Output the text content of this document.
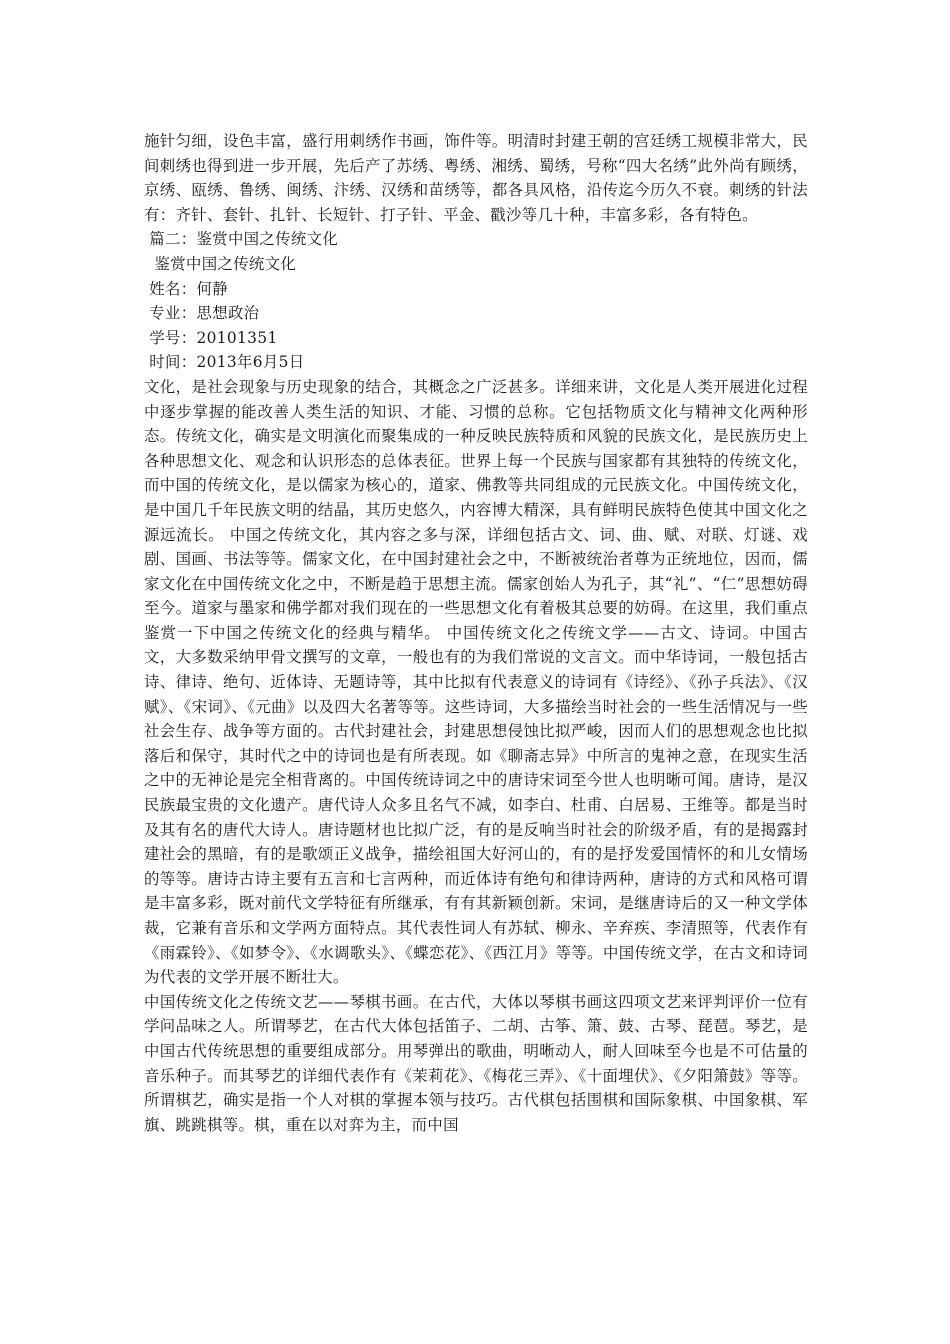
施针匀细，设色丰富，盛行用刺绣作书画，饰件等。明清时封建王朝的宫廷绣工规模非常大，民间刺绣也得到进一步开展，先后产了苏绣、粤绣、湘绣、蜀绣，号称“四大名绣”此外尚有顾绣，京绣、瓯绣、鲁绣、闽绣、汴绣、汉绣和苗绣等，都各具风格，沿传迄今历久不衰。刺绣的针法有：齐针、套针、扎针、长短针、打子针、平金、戳沙等几十种，丰富多彩，各有特色。

篇二：鉴赏中国之传统文化

鉴赏中国之传统文化

姓名：何静

专业：思想政治

学号：20101351

时间：2013年6月5日

文化，是社会现象与历史现象的结合，其概念之广泛甚多。详细来讲，文化是人类开展进化过程中逐步掌握的能改善人类生活的知识、才能、习惯的总称。它包括物质文化与精神文化两种形态。传统文化，确实是文明演化而聚集成的一种反映民族特质和风貌的民族文化，是民族历史上各种思想文化、观念和认识形态的总体表征。世界上每一个民族与国家都有其独特的传统文化，而中国的传统文化，是以儒家为核心的，道家、佛教等共同组成的元民族文化。中国传统文化，是中国几千年民族文明的结晶，其历史悠久，内容博大精深，具有鲜明民族特色使其中国文化之源远流长。 中国之传统文化，其内容之多与深，详细包括古文、词、曲、赋、对联、灯谜、戏剧、国画、书法等等。儒家文化，在中国封建社会之中，不断被统治者尊为正统地位，因而，儒家文化在中国传统文化之中，不断是趋于思想主流。儒家创始人为孔子，其“礼”、“仁”思想妨碍至今。道家与墨家和佛学都对我们现在的一些思想文化有着极其总要的妨碍。在这里，我们重点鉴赏一下中国之传统文化的经典与精华。 中国传统文化之传统文学——古文、诗词。中国古文，大多数采纳甲骨文撰写的文章，一般也有的为我们常说的文言文。而中华诗词，一般包括古诗、律诗、绝句、近体诗、无题诗等，其中比拟有代表意义的诗词有《诗经》、《孙子兵法》、《汉赋》、《宋词》、《元曲》以及四大名著等等。这些诗词，大多描绘当时社会的一些生活情况与一些社会生存、战争等方面的。古代封建社会，封建思想侵蚀比拟严峻，因而人们的思想观念也比拟落后和保守，其时代之中的诗词也是有所表现。如《聊斋志异》中所言的鬼神之意，在现实生活之中的无神论是完全相背离的。中国传统诗词之中的唐诗宋词至今世人也明晰可闻。唐诗，是汉民族最宝贵的文化遗产。唐代诗人众多且名气不减，如李白、杜甫、白居易、王维等。都是当时及其有名的唐代大诗人。唐诗题材也比拟广泛，有的是反响当时社会的阶级矛盾，有的是揭露封建社会的黑暗，有的是歌颂正义战争，描绘祖国大好河山的，有的是抒发爱国情怀的和儿女情场的等等。唐诗古诗主要有五言和七言两种，而近体诗有绝句和律诗两种，唐诗的方式和风格可谓是丰富多彩，既对前代文学特征有所继承，有有其新颖创新。宋词，是继唐诗后的又一种文学体裁，它兼有音乐和文学两方面特点。其代表性词人有苏轼、柳永、辛弃疾、李清照等，代表作有《雨霖铃》、《如梦令》、《水调歌头》、《蝶恋花》、《西江月》等等。中国传统文学，在古文和诗词为代表的文学开展不断壮大。

中国传统文化之传统文艺——琴棋书画。在古代，大体以琴棋书画这四项文艺来评判评价一位有学问品味之人。所谓琴艺，在古代大体包括笛子、二胡、古筝、箫、鼓、古琴、琵琶。琴艺，是中国古代传统思想的重要组成部分。用琴弹出的歌曲，明晰动人，耐人回味至今也是不可估量的音乐种子。而其琴艺的详细代表作有《茉莉花》、《梅花三弄》、《十面埋伏》、《夕阳箫鼓》等等。所谓棋艺，确实是指一个人对棋的掌握本领与技巧。古代棋包括围棋和国际象棋、中国象棋、军旗、跳跳棋等。棋，重在以对弈为主，而中国
